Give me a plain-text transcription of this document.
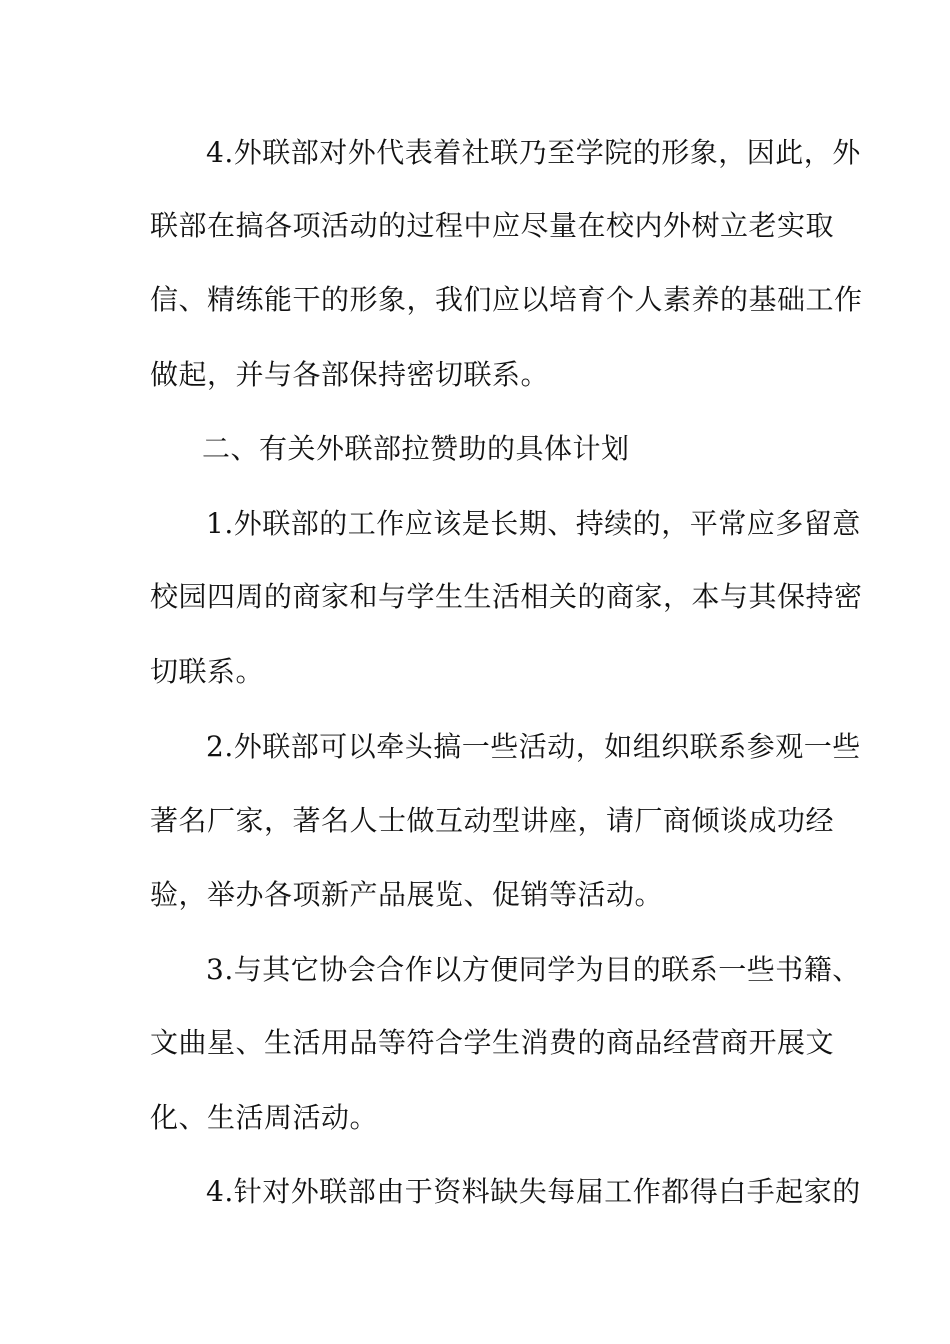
4.外联部对外代表着社联乃至学院的形象，因此，外
联部在搞各项活动的过程中应尽量在校内外树立老实取
信、精练能干的形象，我们应以培育个人素养的基础工作
做起，并与各部保持密切联系。
二、有关外联部拉赞助的具体计划
1.外联部的工作应该是长期、持续的，平常应多留意
校园四周的商家和与学生生活相关的商家，本与其保持密
切联系。
2.外联部可以牵头搞一些活动，如组织联系参观一些
著名厂家，著名人士做互动型讲座，请厂商倾谈成功经
验，举办各项新产品展览、促销等活动。
3.与其它协会合作以方便同学为目的联系一些书籍、
文曲星、生活用品等符合学生消费的商品经营商开展文
化、生活周活动。
4.针对外联部由于资料缺失每届工作都得白手起家的
